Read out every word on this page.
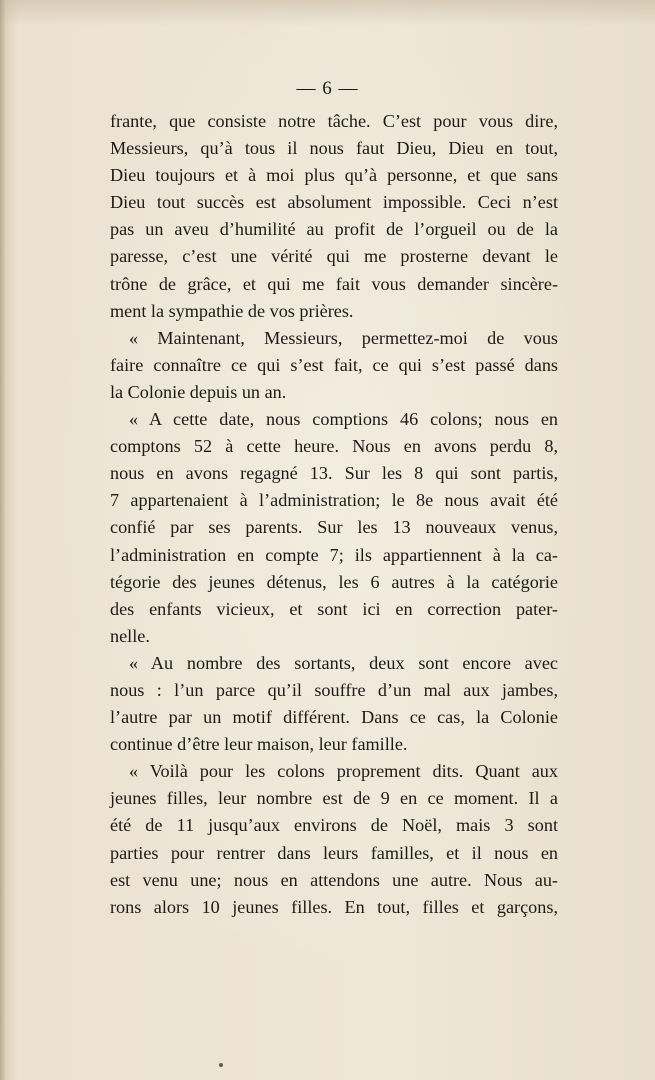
— 6 —
frante, que consiste notre tâche. C’est pour vous dire,
Messieurs, qu’à tous il nous faut Dieu, Dieu en tout,
Dieu toujours et à moi plus qu’à personne, et que sans
Dieu tout succès est absolument impossible. Ceci n’est
pas un aveu d’humilité au profit de l’orgueil ou de la
paresse, c’est une vérité qui me prosterne devant le
trône de grâce, et qui me fait vous demander sincère-
ment la sympathie de vos prières.
« Maintenant, Messieurs, permettez-moi de vous
faire connaître ce qui s’est fait, ce qui s’est passé dans
la Colonie depuis un an.
« A cette date, nous comptions 46 colons; nous en
comptons 52 à cette heure. Nous en avons perdu 8,
nous en avons regagné 13. Sur les 8 qui sont partis,
7 appartenaient à l’administration; le 8e nous avait été
confié par ses parents. Sur les 13 nouveaux venus,
l’administration en compte 7; ils appartiennent à la ca-
tégorie des jeunes détenus, les 6 autres à la catégorie
des enfants vicieux, et sont ici en correction pater-
nelle.
« Au nombre des sortants, deux sont encore avec
nous : l’un parce qu’il souffre d’un mal aux jambes,
l’autre par un motif différent. Dans ce cas, la Colonie
continue d’être leur maison, leur famille.
« Voilà pour les colons proprement dits. Quant aux
jeunes filles, leur nombre est de 9 en ce moment. Il a
été de 11 jusqu’aux environs de Noël, mais 3 sont
parties pour rentrer dans leurs familles, et il nous en
est venu une; nous en attendons une autre. Nous au-
rons alors 10 jeunes filles. En tout, filles et garçons,
